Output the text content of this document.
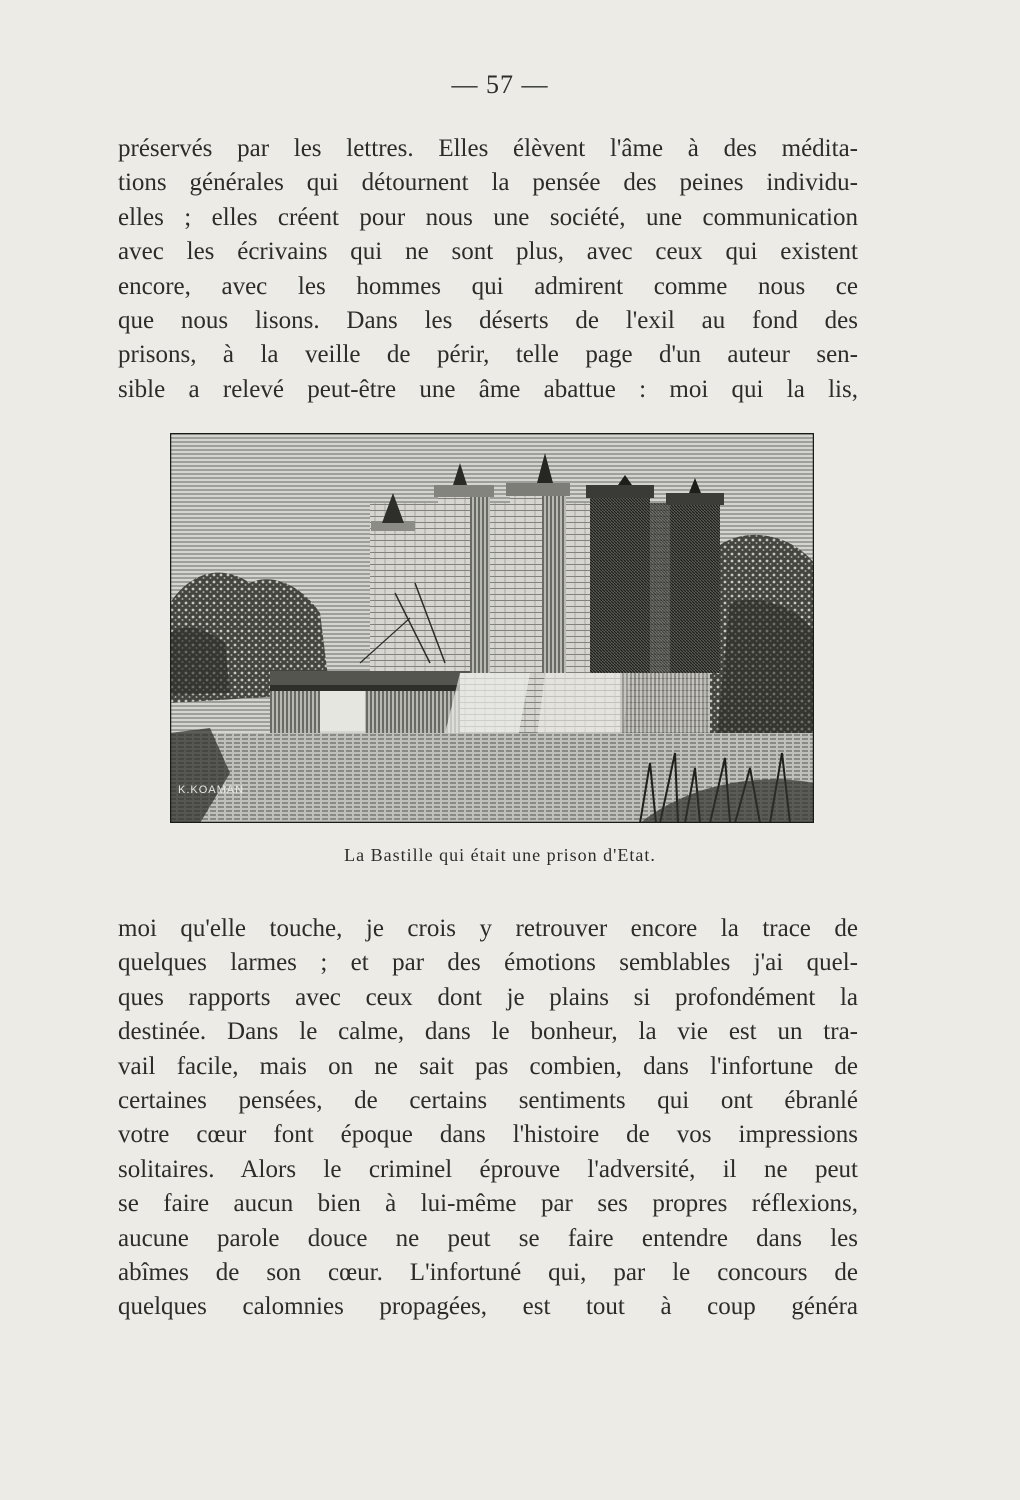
— 57 —
préservés par les lettres. Elles élèvent l'âme à des médita-
tions générales qui détournent la pensée des peines individu-
elles ; elles créent pour nous une société, une communication
avec les écrivains qui ne sont plus, avec ceux qui existent
encore, avec les hommes qui admirent comme nous ce
que nous lisons. Dans les déserts de l'exil au fond des
prisons, à la veille de périr, telle page d'un auteur sen-
sible a relevé peut-être une âme abattue : moi qui la lis,
K.KOAMAN
La Bastille qui était une prison d'Etat.
moi qu'elle touche, je crois y retrouver encore la trace de
quelques larmes ; et par des émotions semblables j'ai quel-
ques rapports avec ceux dont je plains si profondément la
destinée. Dans le calme, dans le bonheur, la vie est un tra-
vail facile, mais on ne sait pas combien, dans l'infortune de
certaines pensées, de certains sentiments qui ont ébranlé
votre cœur font époque dans l'histoire de vos impressions
solitaires. Alors le criminel éprouve l'adversité, il ne peut
se faire aucun bien à lui-même par ses propres réflexions,
aucune parole douce ne peut se faire entendre dans les
abîmes de son cœur. L'infortuné qui, par le concours de
quelques calomnies propagées, est tout à coup généra
